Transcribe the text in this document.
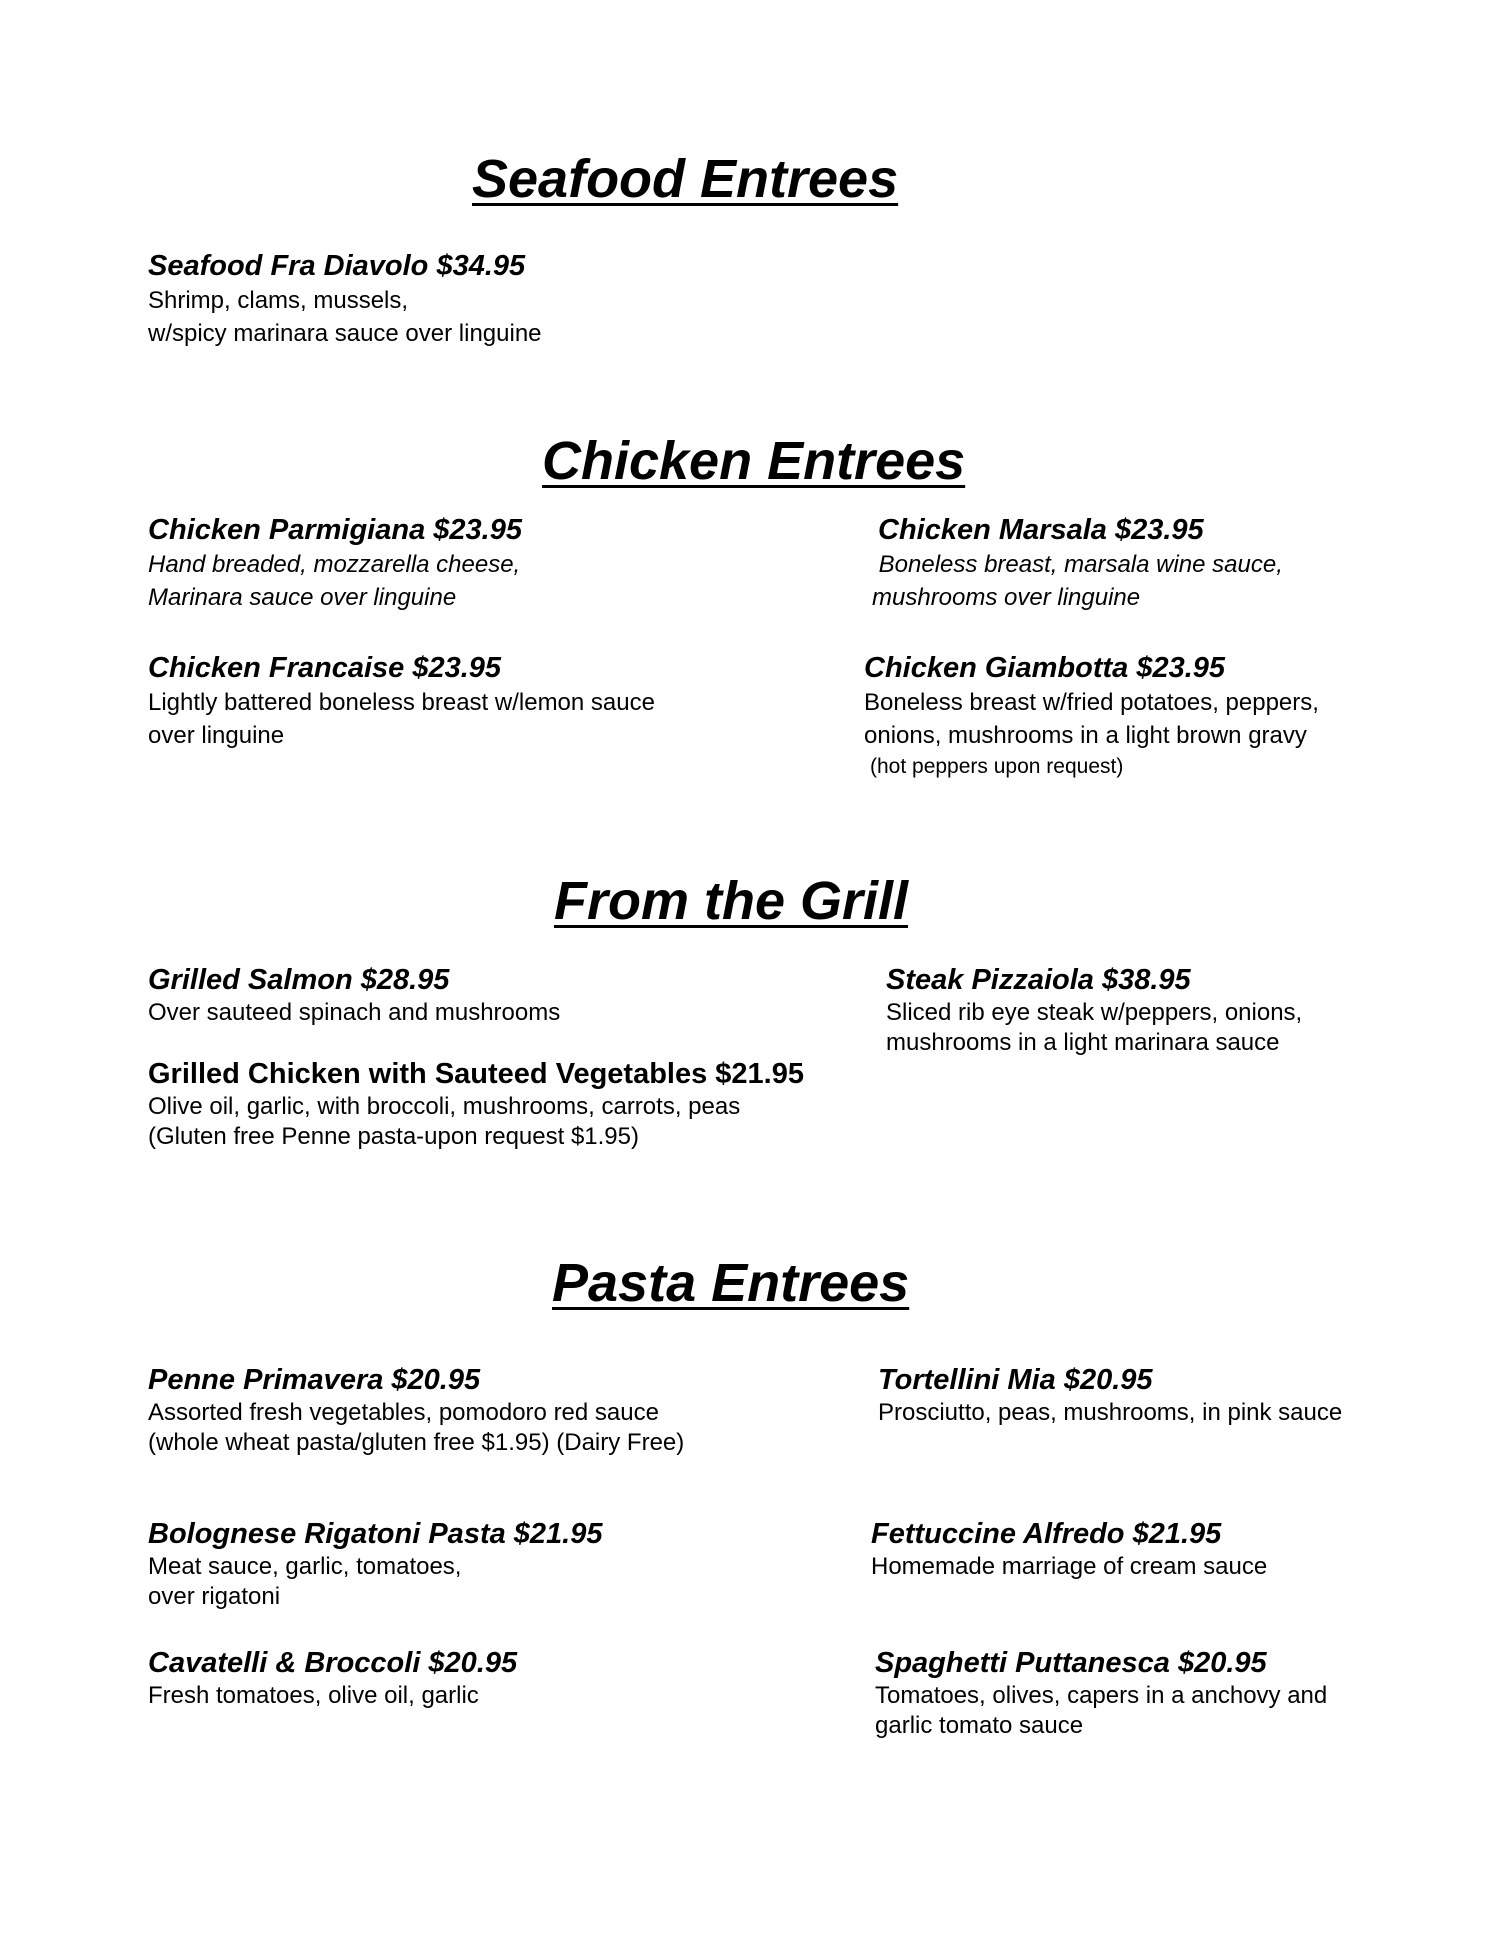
Seafood Entrees
Seafood Fra Diavolo $34.95
Shrimp, clams, mussels,
w/spicy marinara sauce over linguine
Chicken Entrees
Chicken Parmigiana $23.95
Hand breaded, mozzarella cheese,
Marinara sauce over linguine
Chicken Marsala $23.95
Boneless breast, marsala wine sauce,
mushrooms over linguine
Chicken Francaise $23.95
Lightly battered boneless breast w/lemon sauce
over linguine
Chicken Giambotta $23.95
Boneless breast w/fried potatoes, peppers,
onions, mushrooms in a light brown gravy
(hot peppers upon request)
From the Grill
Grilled Salmon $28.95
Over sauteed spinach and mushrooms
Steak Pizzaiola $38.95
Sliced rib eye steak w/peppers, onions,
mushrooms in a light marinara sauce
Grilled Chicken with Sauteed Vegetables $21.95
Olive oil, garlic, with broccoli, mushrooms, carrots, peas
(Gluten free Penne pasta-upon request $1.95)
Pasta Entrees
Penne Primavera $20.95
Assorted fresh vegetables, pomodoro red sauce
(whole wheat pasta/gluten free $1.95) (Dairy Free)
Tortellini Mia $20.95
Prosciutto, peas, mushrooms, in pink sauce
Bolognese Rigatoni Pasta $21.95
Meat sauce, garlic, tomatoes,
over rigatoni
Fettuccine Alfredo $21.95
Homemade marriage of cream sauce
Cavatelli & Broccoli $20.95
Fresh tomatoes, olive oil, garlic
Spaghetti Puttanesca $20.95
Tomatoes, olives, capers in a anchovy and
garlic tomato sauce
